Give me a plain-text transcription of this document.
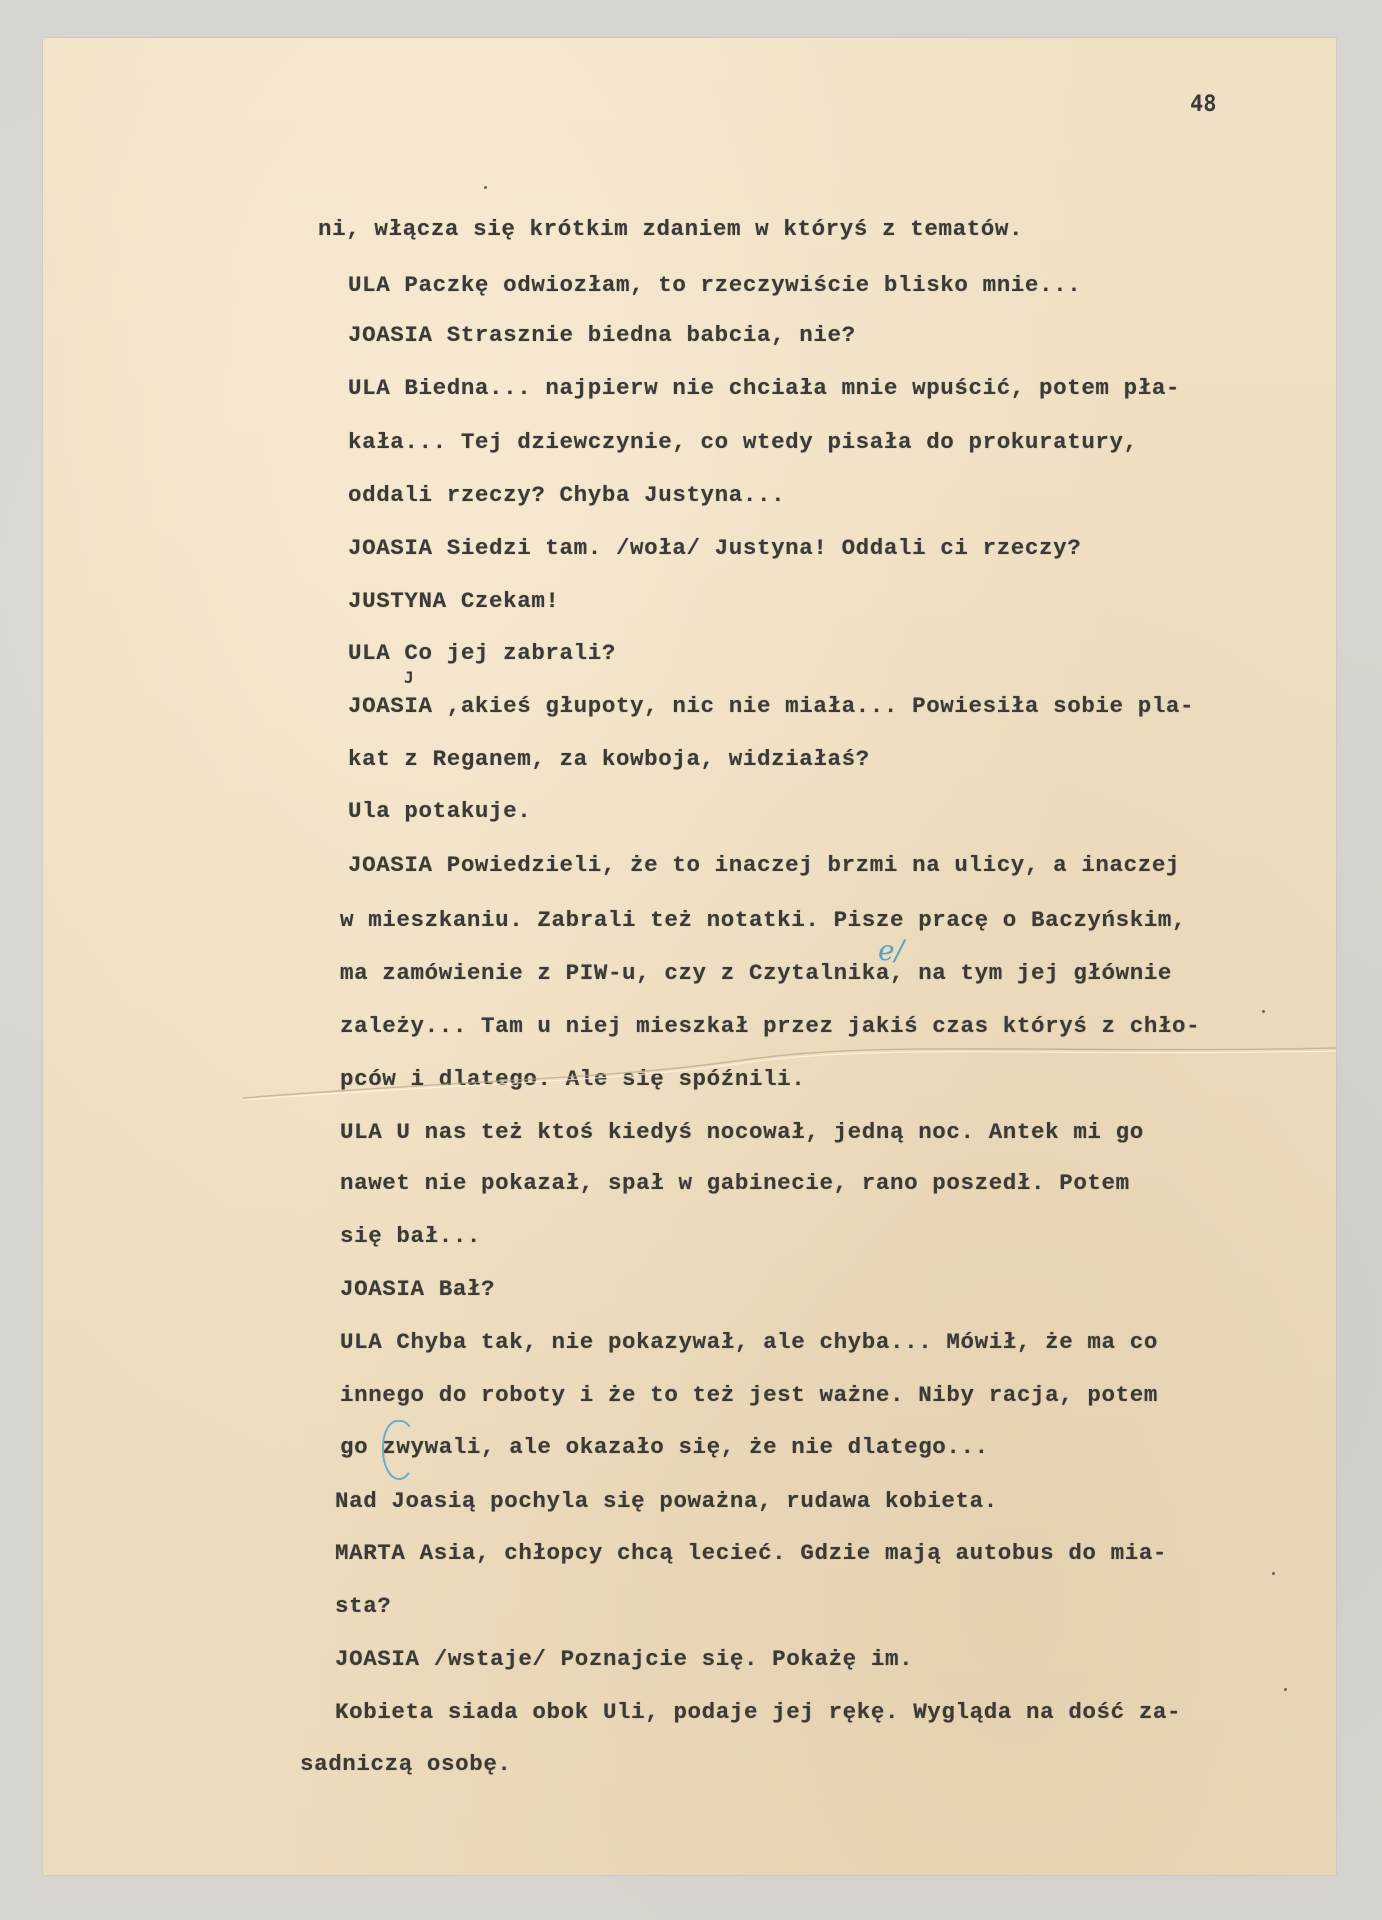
48
ni, włącza się krótkim zdaniem w któryś z tematów.
ULA Paczkę odwiozłam, to rzeczywiście blisko mnie...
JOASIA Strasznie biedna babcia, nie?
ULA Biedna... najpierw nie chciała mnie wpuścić, potem pła-
kała... Tej dziewczynie, co wtedy pisała do prokuratury,
oddali rzeczy? Chyba Justyna...
JOASIA Siedzi tam. /woła/ Justyna! Oddali ci rzeczy?
JUSTYNA Czekam!
ULA Co jej zabrali?
JOASIA ,akieś głupoty, nic nie miała... Powiesiła sobie pla-
kat z Reganem, za kowboja, widziałaś?
Ula potakuje.
JOASIA Powiedzieli, że to inaczej brzmi na ulicy, a inaczej
w mieszkaniu. Zabrali też notatki. Pisze pracę o Baczyńskim,
ma zamówienie z PIW-u, czy z Czytalnika, na tym jej głównie
zależy... Tam u niej mieszkał przez jakiś czas któryś z chło-
pców i dlatego. Ale się spóźnili.
ULA U nas też ktoś kiedyś nocował, jedną noc. Antek mi go
nawet nie pokazał, spał w gabinecie, rano poszedł. Potem
się bał...
JOASIA Bał?
ULA Chyba tak, nie pokazywał, ale chyba... Mówił, że ma co
innego do roboty i że to też jest ważne. Niby racja, potem
go zwywali, ale okazało się, że nie dlatego...
Nad Joasią pochyla się poważna, rudawa kobieta.
MARTA Asia, chłopcy chcą lecieć. Gdzie mają autobus do mia-
sta?
JOASIA /wstaje/ Poznajcie się. Pokażę im.
Kobieta siada obok Uli, podaje jej rękę. Wygląda na dość za-
sadniczą osobę.
e/
J
